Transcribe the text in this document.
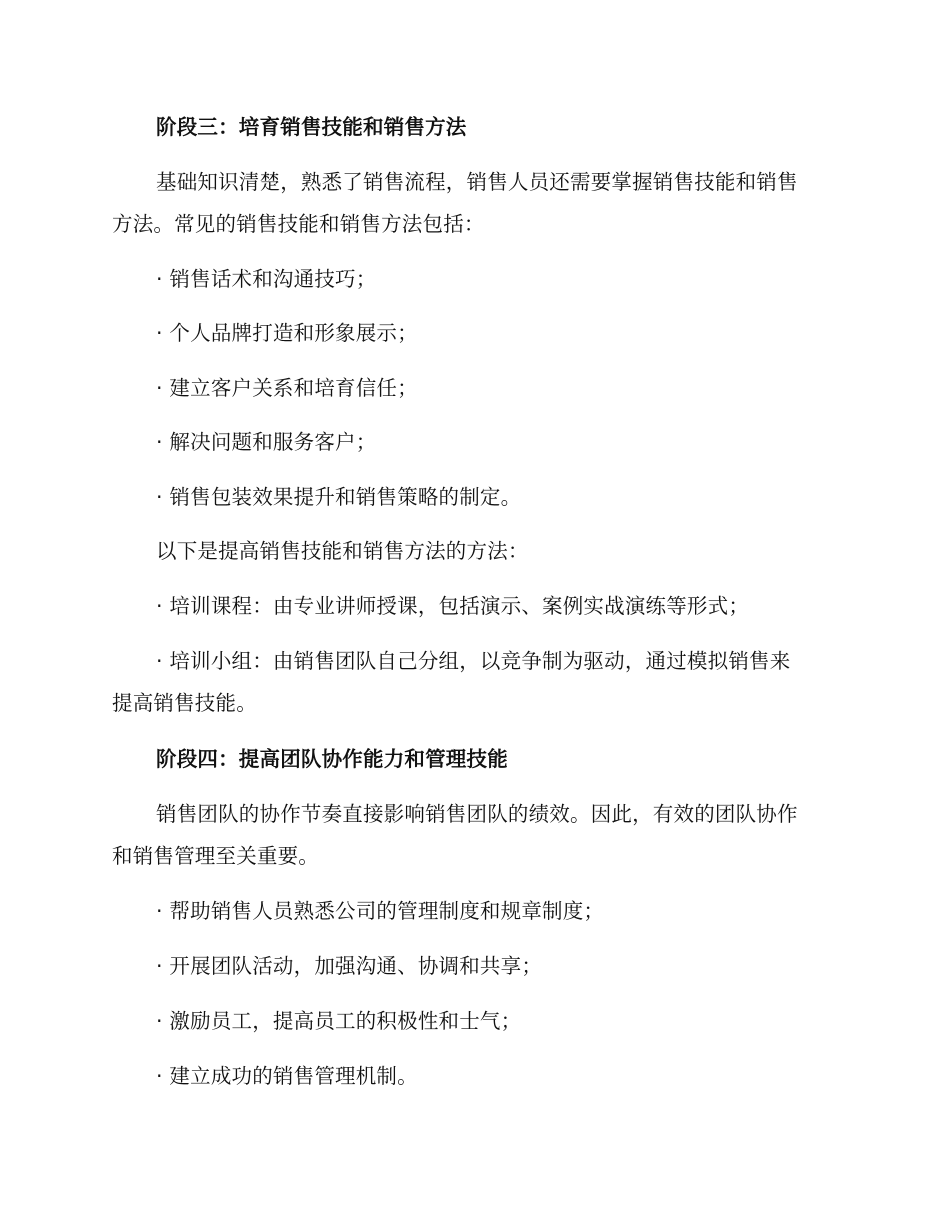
阶段三：培育销售技能和销售方法
基础知识清楚，熟悉了销售流程，销售人员还需要掌握销售技能和销售
方法。常见的销售技能和销售方法包括：
· 销售话术和沟通技巧；
· 个人品牌打造和形象展示；
· 建立客户关系和培育信任；
· 解决问题和服务客户；
· 销售包装效果提升和销售策略的制定。
以下是提高销售技能和销售方法的方法：
· 培训课程：由专业讲师授课，包括演示、案例实战演练等形式；
· 培训小组：由销售团队自己分组，以竞争制为驱动，通过模拟销售来
提高销售技能。
阶段四：提高团队协作能力和管理技能
销售团队的协作节奏直接影响销售团队的绩效。因此，有效的团队协作
和销售管理至关重要。
· 帮助销售人员熟悉公司的管理制度和规章制度；
· 开展团队活动，加强沟通、协调和共享；
· 激励员工，提高员工的积极性和士气；
· 建立成功的销售管理机制。
